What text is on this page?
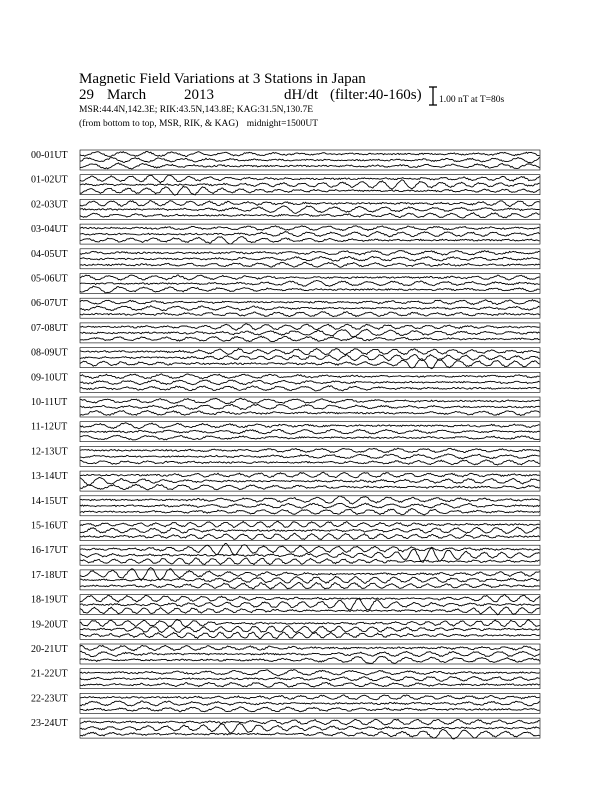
Magnetic Field Variations at 3 Stations in Japan
29 March	2013	dH/dt (filter:40-160s)
MSR:44.4N,142.3E; RIK:43.5N,143.8E; KAG:31.5N,130.7E
(from bottom to top, MSR, RIK, & KAG) midnight=1500UT
1.00 nT at T=80s
00-01UT
01-02UT
02-03UT
03-04UT
04-05UT
05-06UT
06-07UT
07-08UT
08-09UT
09-10UT
10-11UT
11-12UT
12-13UT
13-14UT
14-15UT
15-16UT
16-17UT
17-18UT
18-19UT
19-20UT
20-21UT
21-22UT
22-23UT
23-24UT
